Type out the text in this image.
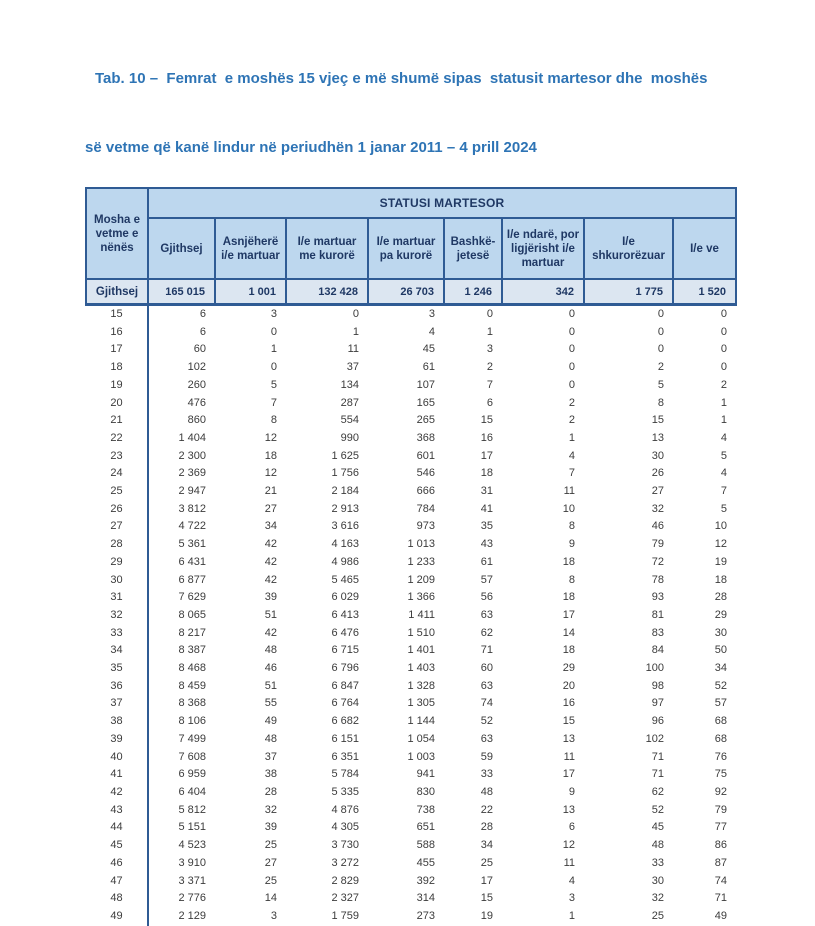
Tab. 10 –  Femrat  e moshës 15 vjeç e më shumë sipas  statusit martesor dhe  moshës

së vetme që kanë lindur në periudhën 1 janar 2011 – 4 prill 2024

Mosha e vetme e nënës	STATUSI MARTESOR							
	Gjithsej	Asnjëherë i/e martuar	I/e martuar me kurorë	I/e martuar pa kurorë	Bashkë-jetesë	I/e ndarë, por ligjërisht i/e martuar	I/e shkurorëzuar	I/e ve
Gjithsej	165 015	1 001	132 428	26 703	1 246	342	1 775	1 520
15	6	3	0	3	0	0	0	0
16	6	0	1	4	1	0	0	0
17	60	1	11	45	3	0	0	0
18	102	0	37	61	2	0	2	0
19	260	5	134	107	7	0	5	2
20	476	7	287	165	6	2	8	1
21	860	8	554	265	15	2	15	1
22	1 404	12	990	368	16	1	13	4
23	2 300	18	1 625	601	17	4	30	5
24	2 369	12	1 756	546	18	7	26	4
25	2 947	21	2 184	666	31	11	27	7
26	3 812	27	2 913	784	41	10	32	5
27	4 722	34	3 616	973	35	8	46	10
28	5 361	42	4 163	1 013	43	9	79	12
29	6 431	42	4 986	1 233	61	18	72	19
30	6 877	42	5 465	1 209	57	8	78	18
31	7 629	39	6 029	1 366	56	18	93	28
32	8 065	51	6 413	1 411	63	17	81	29
33	8 217	42	6 476	1 510	62	14	83	30
34	8 387	48	6 715	1 401	71	18	84	50
35	8 468	46	6 796	1 403	60	29	100	34
36	8 459	51	6 847	1 328	63	20	98	52
37	8 368	55	6 764	1 305	74	16	97	57
38	8 106	49	6 682	1 144	52	15	96	68
39	7 499	48	6 151	1 054	63	13	102	68
40	7 608	37	6 351	1 003	59	11	71	76
41	6 959	38	5 784	941	33	17	71	75
42	6 404	28	5 335	830	48	9	62	92
43	5 812	32	4 876	738	22	13	52	79
44	5 151	39	4 305	651	28	6	45	77
45	4 523	25	3 730	588	34	12	48	86
46	3 910	27	3 272	455	25	11	33	87
47	3 371	25	2 829	392	17	4	30	74
48	2 776	14	2 327	314	15	3	32	71
49	2 129	3	1 759	273	19	1	25	49
